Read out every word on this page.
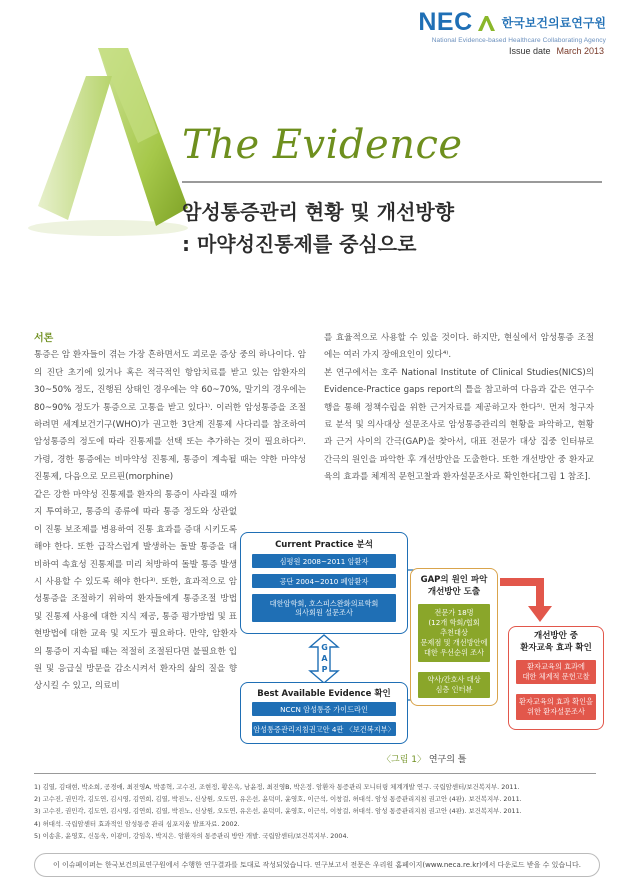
NEC 한국보건의료연구원
National Evidence-based Healthcare Collaborating Agency
Issue date March 2013
The Evidence
암성통증관리 현황 및 개선방향
: 마약성진통제를 중심으로

서론

통증은 암 환자들이 겪는 가장 흔하면서도 괴로운 증상 중의 하나이다. 암의 진단 초기에 있거나 혹은 적극적인 항암치료를 받고 있는 암환자의 30~50% 정도, 진행된 상태인 경우에는 약 60~70%, 말기의 경우에는 80~90% 정도가 통증으로 고통을 받고 있다¹⁾. 이러한 암성통증을 조절하려면 세계보건기구(WHO)가 권고한 3단계 진통제 사다리를 참조하여 암성통증의 정도에 따라 진통제를 선택 또는 추가하는 것이 필요하다²⁾. 가령, 경한 통증에는 비마약성 진통제, 통증이 계속될 때는 약한 마약성 진통제, 다음으로 모르핀(morphine)

같은 강한 마약성 진통제를 환자의 통증이 사라질 때까지 투여하고, 통증의 종류에 따라 통증 정도와 상관없이 진통 보조제를 병용하여 진통 효과를 증대 시키도록 해야 한다. 또한 급작스럽게 발생하는 돌발 통증을 대비하여 속효성 진통제를 미리 처방하여 돌발 통증 발생 시 사용할 수 있도록 해야 한다³⁾. 또한, 효과적으로 암성통증을 조절하기 위하여 환자들에게 통증조절 방법 및 진통제 사용에 대한 지식 제공, 통증 평가방법 및 표현방법에 대한 교육 및 지도가 필요하다. 만약, 암환자의 통증이 지속될 때는 적절히 조절된다면 불필요한 입원 및 응급실 방문을 감소시켜서 환자의 삶의 질을 향상시킬 수 있고, 의료비

를 효율적으로 사용할 수 있을 것이다. 하지만, 현실에서 암성통증 조절에는 여러 가지 장애요인이 있다⁴⁾.

본 연구에서는 호주 National Institute of Clinical Studies(NICS)의 Evidence-Practice gaps report의 틀을 참고하여 다음과 같은 연구수행을 통해 정책수립을 위한 근거자료를 제공하고자 한다⁵⁾. 먼저 청구자료 분석 및 의사대상 설문조사로 암성통증관리의 현황을 파악하고, 현황과 근거 사이의 간극(GAP)을 찾아서, 대표 전문가 대상 집중 인터뷰로 간극의 원인을 파악한 후 개선방안을 도출한다. 또한 개선방안 중 환자교육의 효과를 체계적 문헌고찰과 환자설문조사로 확인한다[그림 1 참조].

Current Practice 분석
심평원 2008~2011 암환자
공단 2004~2010 폐암환자
대한암학회, 호스피스완화의료학회
의사회원 설문조사
G
A
P
Best Available Evidence 확인
NCCN 암성통증 가이드라인
암성통증관리지침권고안 4판 〈보건복지부〉
GAP의 원인 파악
개선방안 도출
전문가 18명
(12개 학회/협회
추천대상
문제점 및 개선방안에
대한 우선순위 조사
약사/간호사 대상
심층 인터뷰
개선방안 중
환자교육 효과 확인
환자교육의 효과에
대한 체계적 문헌고찰
환자교육의 효과 확인을
위한 환자설문조사
〈그림 1〉 연구의 틀
1) 김열, 김대현, 박소희, 공경애, 최진영A, 박종혁, 고수진, 조현정, 황은옥, 남윤정, 최진영B, 박은정. 암환자 통증관리 모니터링 체계개발 연구. 국립암센터/보건복지부. 2011.
2) 고수진, 권민각, 김도연, 김시영, 김연희, 김열, 박진노, 신상원, 오도연, 유은선, 윤덕미, 윤영호, 이근석, 이창걸, 허대석. 암성 통증관리지침 권고안 (4판). 보건복지부. 2011.
3) 고수진, 권민각, 김도연, 김시영, 김연희, 김열, 박진노, 신상원, 오도연, 유은선, 윤덕미, 윤영호, 이근석, 이창걸, 허대석. 암성 통증관리지침 권고안 (4판). 보건복지부. 2011.
4) 허대석. 국립암센터 효과적인 암성통증 관리 심포지움 발표자료. 2002.
5) 이송훈, 윤영호, 신동욱, 이광미, 강임옥, 박지은. 암환자의 통증관리 방안 개발. 국립암센터/보건복지부. 2004.
이 이슈페이퍼는 한국보건의료연구원에서 수행한 연구결과를 토대로 작성되었습니다. 연구보고서 전문은 우리원 홈페이지(www.neca.re.kr)에서 다운로드 받을 수 있습니다.
